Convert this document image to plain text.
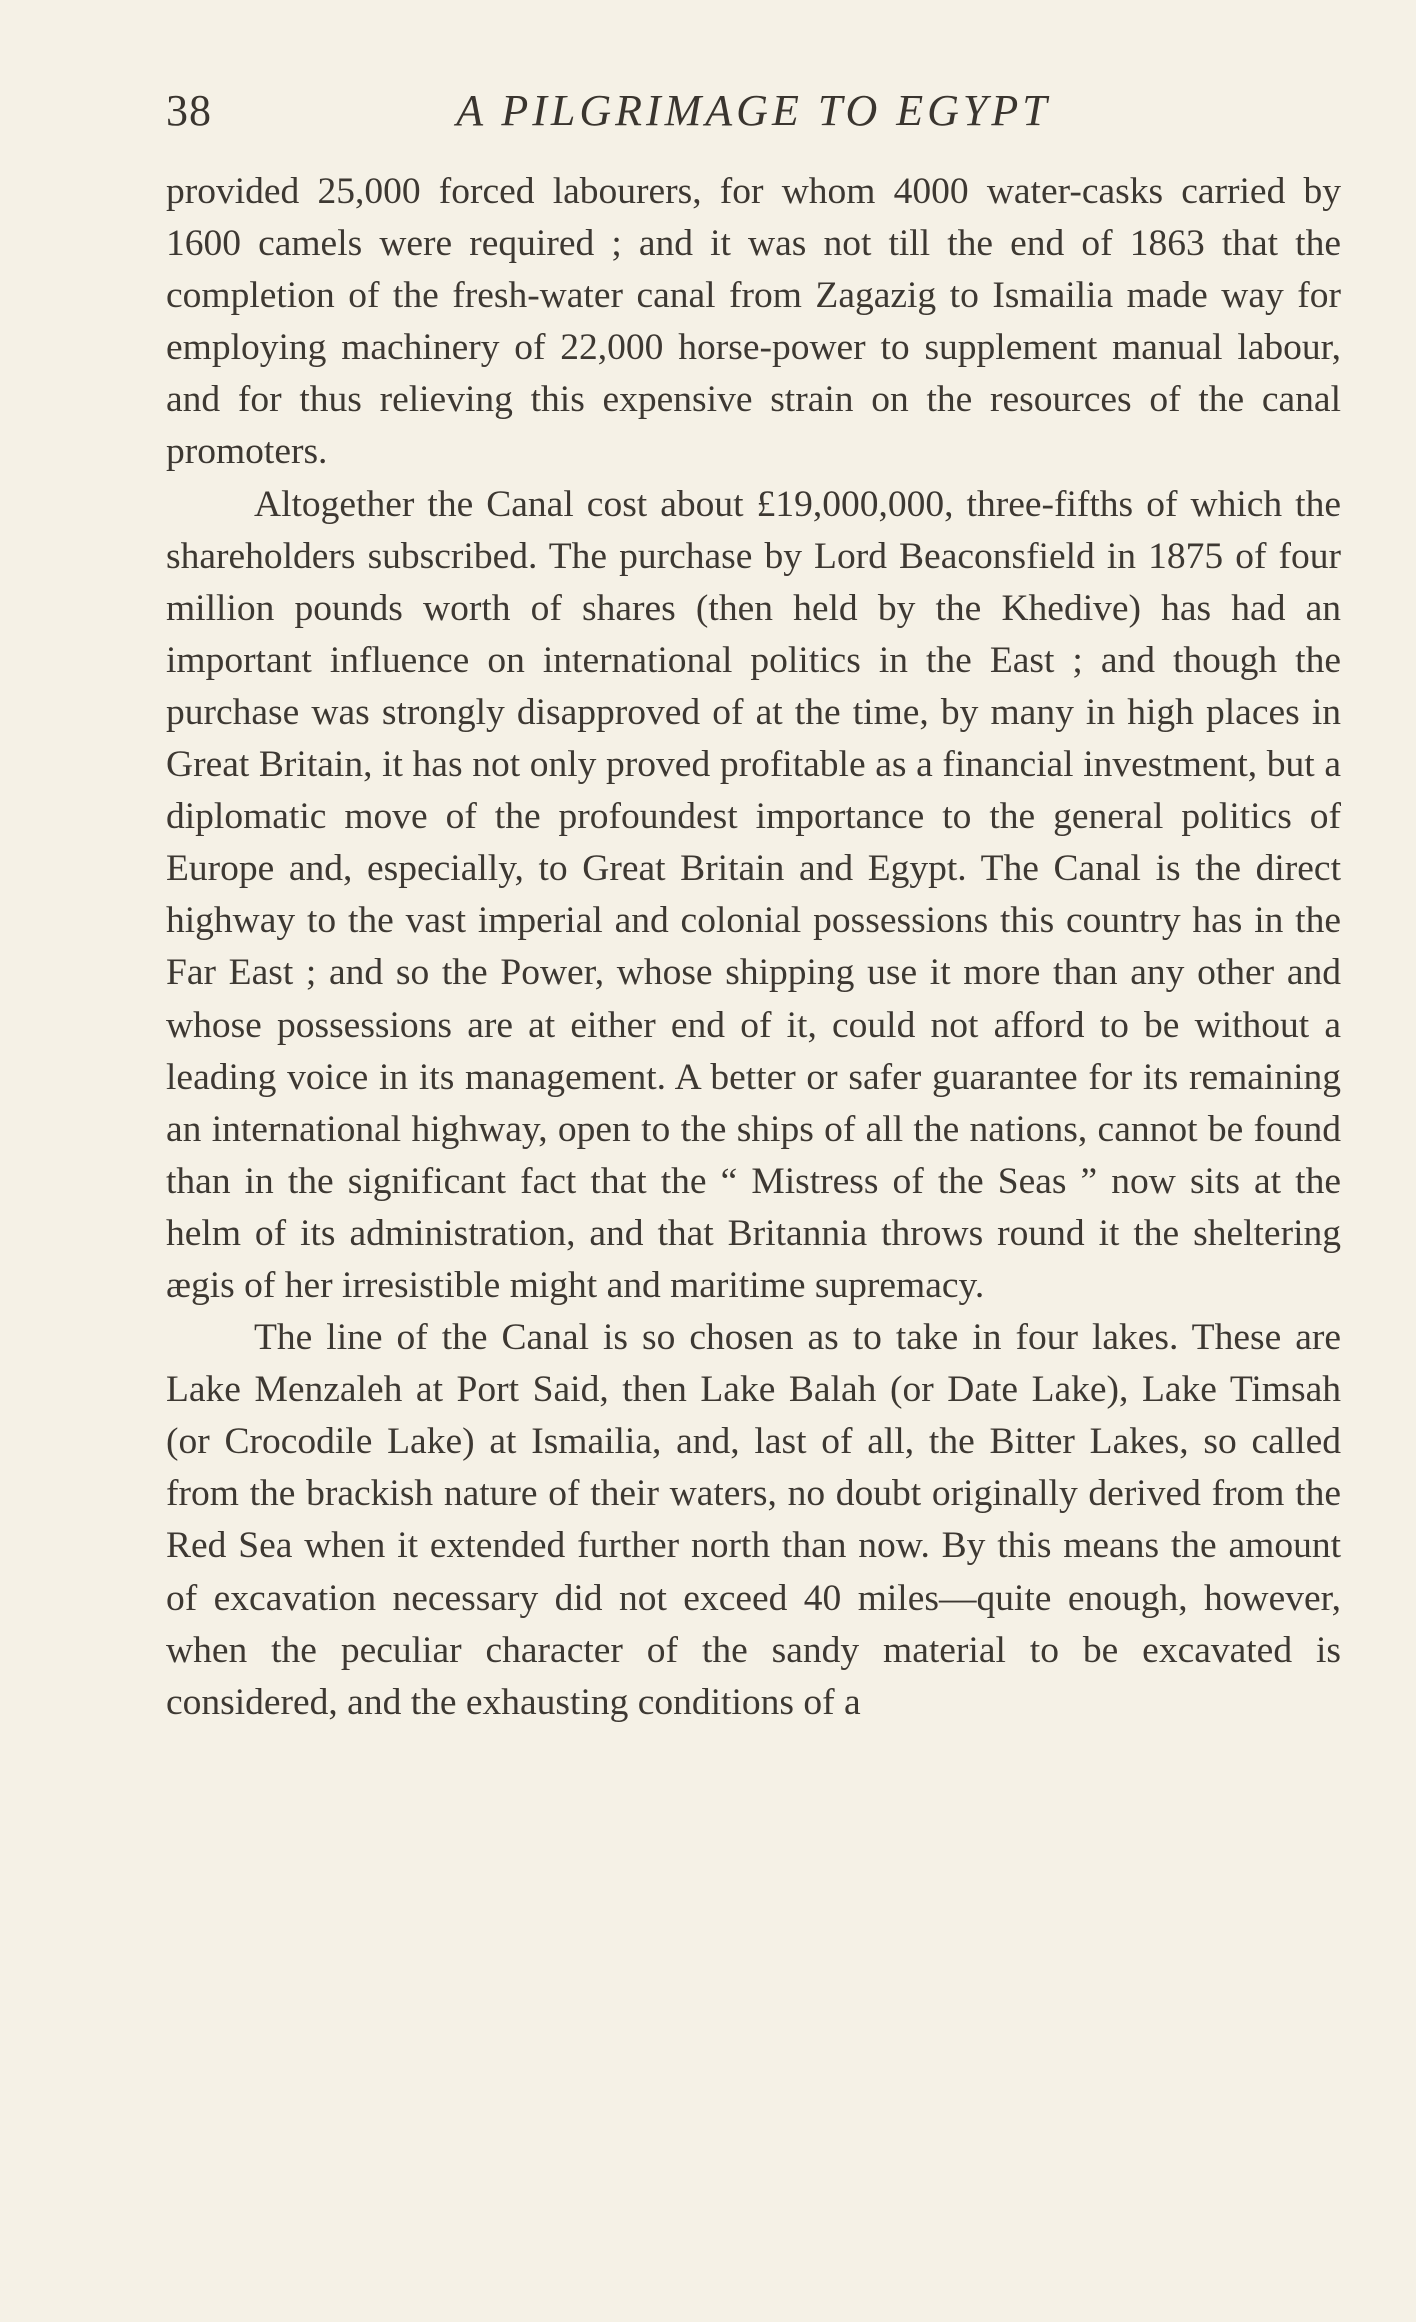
38	A PILGRIMAGE TO EGYPT

provided 25,000 forced labourers, for whom 4000 water-casks carried by 1600 camels were required ; and it was not till the end of 1863 that the completion of the fresh-water canal from Zagazig to Ismailia made way for employing machinery of 22,000 horse-power to supplement manual labour, and for thus relieving this expensive strain on the resources of the canal promoters.

Altogether the Canal cost about £19,000,000, three-fifths of which the shareholders subscribed. The purchase by Lord Beaconsfield in 1875 of four million pounds worth of shares (then held by the Khedive) has had an important influence on international politics in the East ; and though the purchase was strongly disapproved of at the time, by many in high places in Great Britain, it has not only proved profitable as a financial investment, but a diplomatic move of the profoundest importance to the general politics of Europe and, especially, to Great Britain and Egypt. The Canal is the direct highway to the vast imperial and colonial possessions this country has in the Far East ; and so the Power, whose shipping use it more than any other and whose possessions are at either end of it, could not afford to be without a leading voice in its management. A better or safer guarantee for its remaining an international highway, open to the ships of all the nations, cannot be found than in the significant fact that the “ Mistress of the Seas ” now sits at the helm of its administration, and that Britannia throws round it the sheltering ægis of her irresistible might and maritime supremacy.

The line of the Canal is so chosen as to take in four lakes. These are Lake Menzaleh at Port Said, then Lake Balah (or Date Lake), Lake Timsah (or Crocodile Lake) at Ismailia, and, last of all, the Bitter Lakes, so called from the brackish nature of their waters, no doubt originally derived from the Red Sea when it extended further north than now. By this means the amount of excavation necessary did not exceed 40 miles—quite enough, however, when the peculiar character of the sandy material to be excavated is considered, and the exhausting conditions of a
